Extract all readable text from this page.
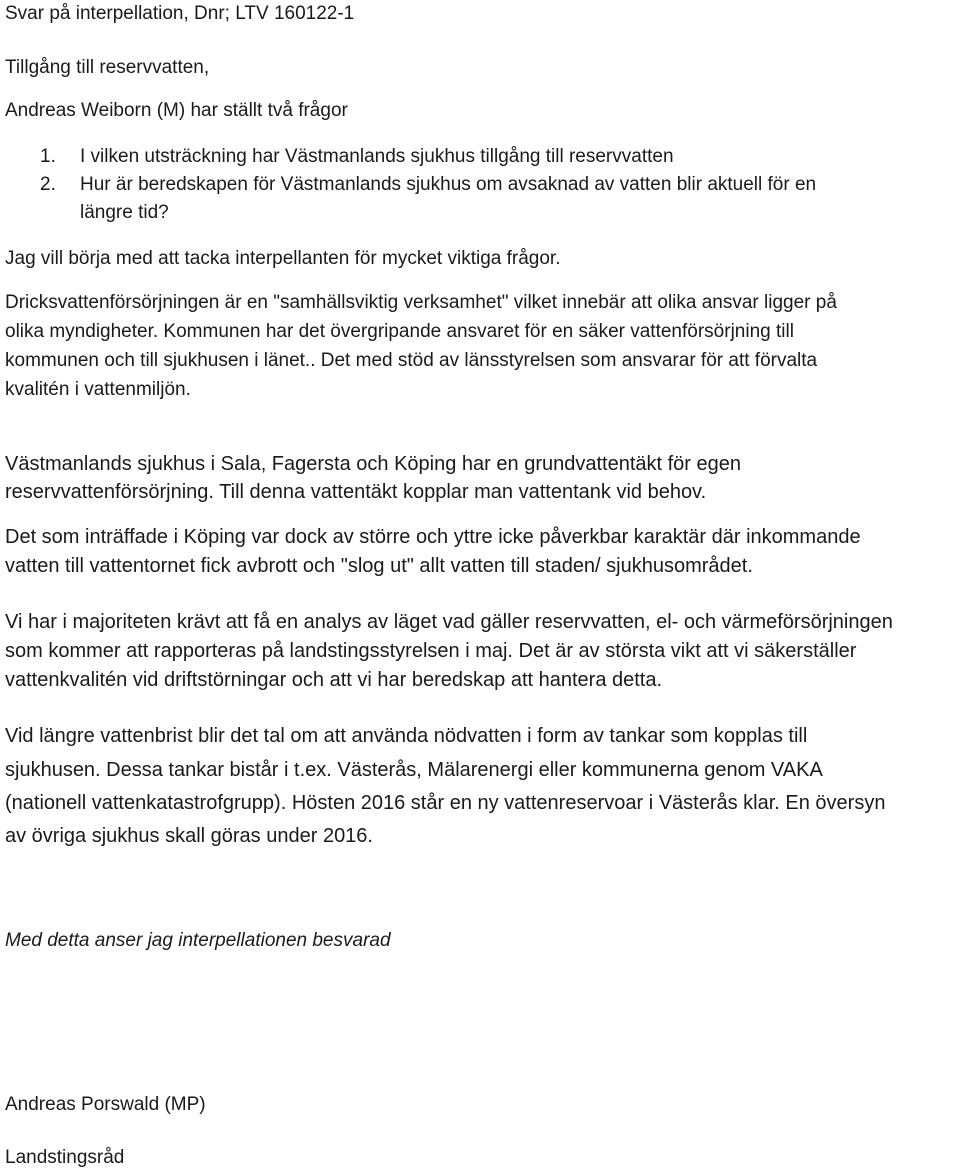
Svar på interpellation, Dnr; LTV 160122-1
Tillgång till reservvatten,
Andreas Weiborn (M) har ställt två frågor
1. I vilken utsträckning har Västmanlands sjukhus tillgång till reservvatten
2. Hur är beredskapen för Västmanlands sjukhus om avsaknad av vatten blir aktuell för en
längre tid?
Jag vill börja med att tacka interpellanten för mycket viktiga frågor.
Dricksvattenförsörjningen är en "samhällsviktig verksamhet" vilket innebär att olika ansvar ligger på
olika myndigheter. Kommunen har det övergripande ansvaret för en säker vattenförsörjning till
kommunen och till sjukhusen i länet.. Det med stöd av länsstyrelsen som ansvarar för att förvalta
kvalitén i vattenmiljön.
Västmanlands sjukhus i Sala, Fagersta och Köping har en grundvattentäkt för egen
reservvattenförsörjning. Till denna vattentäkt kopplar man vattentank vid behov.
Det som inträffade i Köping var dock av större och yttre icke påverkbar karaktär där inkommande
vatten till vattentornet fick avbrott och "slog ut" allt vatten till staden/ sjukhusområdet.
Vi har i majoriteten krävt att få en analys av läget vad gäller reservvatten, el- och värmeförsörjningen
som kommer att rapporteras på landstingsstyrelsen i maj. Det är av största vikt att vi säkerställer
vattenkvalitén vid driftstörningar och att vi har beredskap att hantera detta.
Vid längre vattenbrist blir det tal om att använda nödvatten i form av tankar som kopplas till
sjukhusen. Dessa tankar bistår i t.ex. Västerås, Mälarenergi eller kommunerna genom VAKA
(nationell vattenkatastrofgrupp). Hösten 2016 står en ny vattenreservoar i Västerås klar. En översyn
av övriga sjukhus skall göras under 2016.
Med detta anser jag interpellationen besvarad
Andreas Porswald (MP)
Landstingsråd
